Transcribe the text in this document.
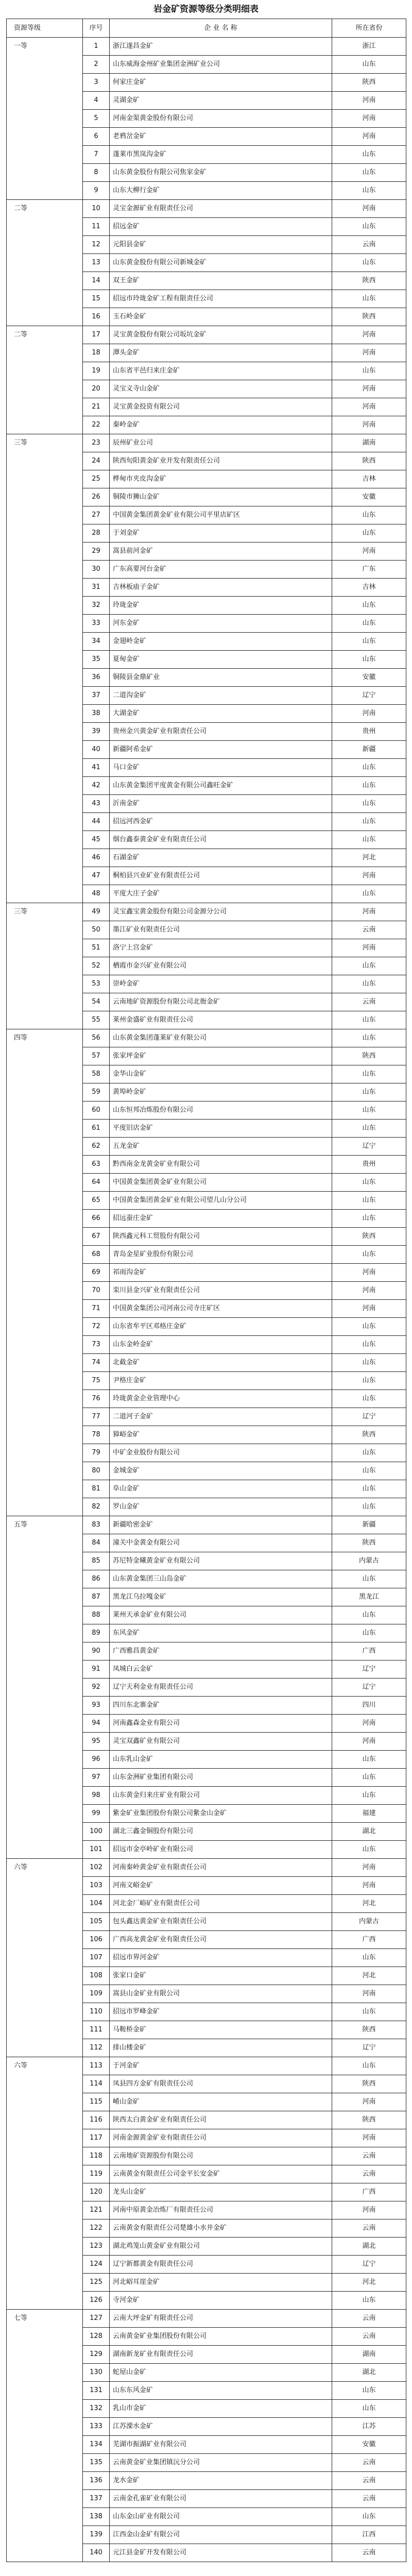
岩金矿资源等级分类明细表
资源等级	序号	企 业 名 称	所在省份
一等	1	浙江遂昌金矿	浙江
	2	山东威海金州矿业集团金洲矿业公司	山东
	3	何家庄金矿	陕西
	4	灵湖金矿	河南
	5	河南金渠黄金股份有限公司	河南
	6	老鸦岔金矿	河南
	7	蓬莱市黑岚沟金矿	山东
	8	山东黄金股份有限公司焦家金矿	山东
	9	山东大柳行金矿	山东
二等	10	灵宝金源矿业有限责任公司	河南
	11	招远金矿	山东
	12	元阳县金矿	云南
	13	山东黄金股份有限公司新城金矿	山东
	14	双王金矿	陕西
	15	招远市玲珑金矿工程有限责任公司	山东
	16	玉石岭金矿	陕西
二等	17	灵宝黄金股份有限公司坂坑金矿	河南
	18	潭头金矿	河南
	19	山东省平邑归来庄金矿	山东
	20	灵宝义寺山金矿	河南
	21	灵宝黄金投资有限公司	河南
	22	秦岭金矿	河南
三等	23	辰州矿业公司	湖南
	24	陕西旬阳黄金矿业开发有限责任公司	陕西
	25	桦甸市夹皮沟金矿	吉林
	26	铜陵市狮山金矿	安徽
	27	中国黄金集团黄金矿业有限公司平里店矿区	山东
	28	于刘金矿	山东
	29	嵩县前河金矿	河南
	30	广东高要河台金矿	广东
	31	吉林板庙子金矿	吉林
	32	玲珑金矿	山东
	33	河东金矿	山东
	34	金翅岭金矿	山东
	35	夏甸金矿	山东
	36	铜陵县金鼎矿业	安徽
	37	二道沟金矿	辽宁
	38	大湖金矿	河南
	39	贵州金兴黄金矿业有限责任公司	贵州
	40	新疆阿希金矿	新疆
	41	马口金矿	山东
	42	山东黄金集团平度黄金有限公司鑫旺金矿	山东
	43	沂南金矿	山东
	44	招远河西金矿	山东
	45	烟台鑫泰黄金矿业有限责任公司	山东
	46	石湖金矿	河北
	47	桐柏县兴业矿业有限责任公司	河南
	48	平度大庄子金矿	山东
三等	49	灵宝鑫宝黄金股份有限公司金源分公司	河南
	50	墨江矿业有限责任公司	云南
	51	洛宁上宫金矿	河南
	52	栖霞市金兴矿业有限公司	山东
	53	崇岭金矿	山东
	54	云南地矿资源股份有限公司北衙金矿	云南
	55	莱州金盛矿业有限责任公司	山东
四等	56	山东黄金集团蓬莱矿业有限公司	山东
	57	张家坪金矿	陕西
	58	金华山金矿	山东
	59	黄埠岭金矿	山东
	60	山东恒邦冶炼股份有限公司	山东
	61	平度旧店金矿	山东
	62	五龙金矿	辽宁
	63	黔西南金龙黄金矿业有限公司	贵州
	64	中国黄金集团黄金矿业有限公司	山东
	65	中国黄金集团黄金矿业有限公司望儿山分公司	山东
	66	招远蚕庄金矿	山东
	67	陕西鑫元科工贸股份有限公司	陕西
	68	青岛金星矿业股份有限公司	山东
	69	祁雨沟金矿	河南
	70	栾川县金兴矿业有限责任公司	河南
	71	中国黄金集团公司河南公司寺庄矿区	河南
	72	山东省牟平区邓格庄金矿	山东
	73	山东金岭金矿	山东
	74	北截金矿	山东
	75	尹格庄金矿	山东
	76	玲珑黄金企业管理中心	山东
	77	二道河子金矿	辽宁
	78	獐峪金矿	陕西
	79	中矿金业股份有限公司	山东
	80	金城金矿	山东
	81	阜山金矿	山东
	82	罗山金矿	山东
五等	83	新疆哈密金矿	新疆
	84	潼关中金黄金有限公司	陕西
	85	苏尼特金曦黄金矿业有限公司	内蒙古
	86	山东黄金集团三山岛金矿	山东
	87	黑龙江乌拉嘎金矿	黑龙江
	88	莱州天承金矿业有限公司	山东
	89	东风金矿	山东
	90	广西雅昌黄金矿	广西
	91	凤城白云金矿	辽宁
	92	辽宁天利金业有限责任公司	辽宁
	93	四川东北寨金矿	四川
	94	河南鑫森金业有限公司	河南
	95	灵宝双鑫矿业有限公司	河南
	96	山东乳山金矿	山东
	97	山东金洲矿业集团有限公司	山东
	98	山东黄金归来庄矿业有限公司	山东
	99	紫金矿业集团股份有限公司紫金山金矿	福建
	100	湖北三鑫金铜股份有限公司	湖北
	101	招远市金亭岭矿业有限公司	山东
六等	102	河南秦岭黄金矿业有限责任公司	河南
	103	河南文峪金矿	河南
	104	河北金厂峪矿业有限责任公司	河北
	105	包头鑫达黄金矿业有限责任公司	内蒙古
	106	广西高龙黄金矿业有限责任公司	广西
	107	招远市界河金矿	山东
	108	张家口金矿	河北
	109	嵩县山金矿业有限公司	河南
	110	招远市罗峰金矿	山东
	111	马鞍桥金矿	陕西
	112	排山楼金矿	辽宁
六等	113	于河金矿	山东
	114	凤县四方金矿有限责任公司	陕西
	115	崤山金矿	河南
	116	陕西太白黄金矿业有限责任公司	陕西
	117	河南金源黄金矿业有限责任公司	河南
	118	云南地矿资源股份有限公司	云南
	119	云南黄金有限责任公司金平长安金矿	云南
	120	龙头山金矿	广西
	121	河南中原黄金冶炼厂有限责任公司	河南
	122	云南黄金有限责任公司楚雄小水井金矿	云南
	123	湖北鸡笼山黄金矿业有限公司	湖北
	124	辽宁新都黄金有限责任公司	辽宁
	125	河北峪耳崖金矿	河北
	126	寺河金矿	山东
七等	127	云南大坪金矿有限责任公司	云南
	128	云南黄金矿业集团股份有限公司	云南
	129	湖南新龙矿业有限责任公司	湖南
	130	蛇屋山金矿	湖北
	131	山东东风金矿	山东
	132	乳山市金矿	山东
	133	江苏溧水金矿	江苏
	134	芜湖市振湖矿业有限公司	安徽
	135	云南黄金矿业集团镇沅分公司	云南
	136	龙水金矿	云南
	137	云南金孔雀矿业有限公司	云南
	138	山东金山矿业有限公司	山东
	139	江西金山金矿有限公司	江西
	140	元江县金矿开发有限公司	云南
